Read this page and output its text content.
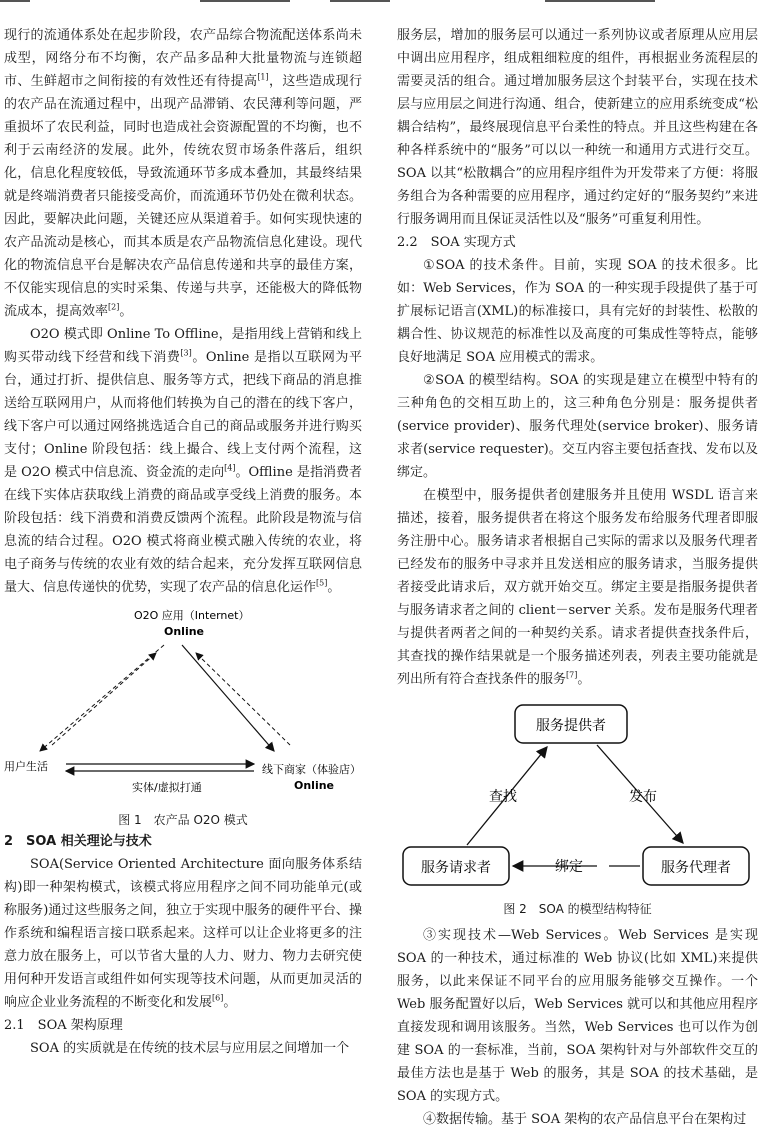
现行的流通体系处在起步阶段，农产品综合物流配送体系尚未成型，网络分布不均衡，农产品多品种大批量物流与连锁超市、生鲜超市之间衔接的有效性还有待提高[1]，这些造成现行的农产品在流通过程中，出现产品滞销、农民薄利等问题，严重损坏了农民利益，同时也造成社会资源配置的不均衡，也不利于云南经济的发展。此外，传统农贸市场条件落后，组织化，信息化程度较低，导致流通环节多成本叠加，其最终结果就是终端消费者只能接受高价，而流通环节仍处在微利状态。因此，要解决此问题，关键还应从渠道着手。如何实现快速的农产品流动是核心，而其本质是农产品物流信息化建设。现代化的物流信息平台是解决农产品信息传递和共享的最佳方案，不仅能实现信息的实时采集、传递与共享，还能极大的降低物流成本，提高效率[2]。

O2O 模式即 Online To Offline，是指用线上营销和线上购买带动线下经营和线下消费[3]。Online 是指以互联网为平台，通过打折、提供信息、服务等方式，把线下商品的消息推送给互联网用户，从而将他们转换为自己的潜在的线下客户，线下客户可以通过网络挑选适合自己的商品或服务并进行购买支付；Online 阶段包括：线上撮合、线上支付两个流程，这是 O2O 模式中信息流、资金流的走向[4]。Offline 是指消费者在线下实体店获取线上消费的商品或享受线上消费的服务。本阶段包括：线下消费和消费反馈两个流程。此阶段是物流与信息流的结合过程。O2O 模式将商业模式融入传统的农业，将电子商务与传统的农业有效的结合起来，充分发挥互联网信息量大、信息传递快的优势，实现了农产品的信息化运作[5]。

O2O 应用（Internet）
Online
用户生活	线下商家（体验店）
Online
实体/虚拟打通

图 1　农产品 O2O 模式

2　SOA 相关理论与技术

SOA(Service Oriented Architecture 面向服务体系结构)即一种架构模式，该模式将应用程序之间不同功能单元(或称服务)通过这些服务之间，独立于实现中服务的硬件平台、操作系统和编程语言接口联系起来。这样可以让企业将更多的注意力放在服务上，可以节省大量的人力、财力、物力去研究使用何种开发语言或组件如何实现等技术问题，从而更加灵活的响应企业业务流程的不断变化和发展[6]。

2.1　SOA 架构原理

SOA 的实质就是在传统的技术层与应用层之间增加一个

服务层，增加的服务层可以通过一系列协议或者原理从应用层中调出应用程序，组成粗细粒度的组件，再根据业务流程层的需要灵活的组合。通过增加服务层这个封装平台，实现在技术层与应用层之间进行沟通、组合，使新建立的应用系统变成“松耦合结构”，最终展现信息平台柔性的特点。并且这些构建在各种各样系统中的“服务”可以以一种统一和通用方式进行交互。SOA 以其“松散耦合”的应用程序组件为开发带来了方便：将服务组合为各种需要的应用程序，通过约定好的“服务契约”来进行服务调用而且保证灵活性以及“服务”可重复利用性。

2.2　SOA 实现方式

①SOA 的技术条件。目前，实现 SOA 的技术很多。比如：Web Services，作为 SOA 的一种实现手段提供了基于可扩展标记语言(XML)的标准接口，具有完好的封装性、松散的耦合性、协议规范的标准性以及高度的可集成性等特点，能够良好地满足 SOA 应用模式的需求。

②SOA 的模型结构。SOA 的实现是建立在模型中特有的三种角色的交相互助上的，这三种角色分别是：服务提供者(service provider)、服务代理处(service broker)、服务请求者(service requester)。交互内容主要包括查找、发布以及绑定。

在模型中，服务提供者创建服务并且使用 WSDL 语言来描述，接着，服务提供者在将这个服务发布给服务代理者即服务注册中心。服务请求者根据自己实际的需求以及服务代理者已经发布的服务中寻求并且发送相应的服务请求，当服务提供者接受此请求后，双方就开始交互。绑定主要是指服务提供者与服务请求者之间的 client－server 关系。发布是服务代理者与提供者两者之间的一种契约关系。请求者提供查找条件后，其查找的操作结果就是一个服务描述列表，列表主要功能就是列出所有符合查找条件的服务[7]。

服务提供者
服务请求者	服务代理者
查找	发布
绑定

图 2　SOA 的模型结构特征

③实现技术—Web Services。Web Services 是实现 SOA 的一种技术，通过标准的 Web 协议(比如 XML)来提供服务，以此来保证不同平台的应用服务能够交互操作。一个 Web 服务配置好以后，Web Services 就可以和其他应用程序直接发现和调用该服务。当然，Web Services 也可以作为创建 SOA 的一套标准，当前，SOA 架构针对与外部软件交互的最佳方法也是基于 Web 的服务，其是 SOA 的技术基础，是 SOA 的实现方式。

④数据传输。基于 SOA 架构的农产品信息平台在架构过
